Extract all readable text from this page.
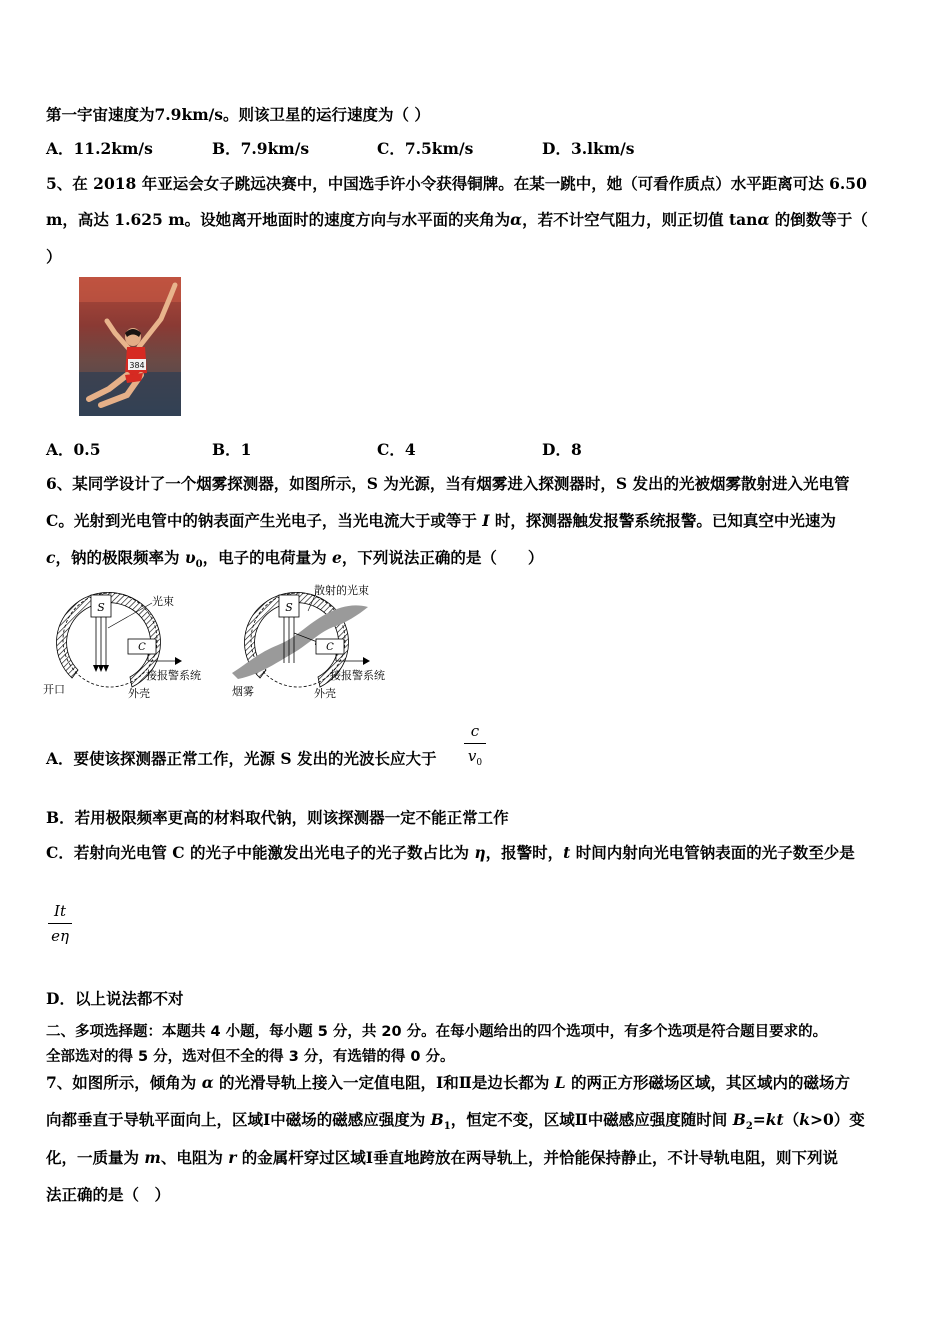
第一宇宙速度为7.9km/s。则该卫星的运行速度为（ ）
A．11.2km/s	B．7.9km/s	C．7.5km/s	D．3.lkm/s
5、在 2018 年亚运会女子跳远决赛中，中国选手许小令获得铜牌。在某一跳中，她（可看作质点）水平距离可达 6.50
m，高达 1.625 m。设她离开地面时的速度方向与水平面的夹角为α，若不计空气阻力，则正切值 tanα 的倒数等于（
）
384
A．0.5	B．1	C．4	D．8
6、某同学设计了一个烟雾探测器，如图所示，S 为光源，当有烟雾进入探测器时，S 发出的光被烟雾散射进入光电管
C。光射到光电管中的钠表面产生光电子，当光电流大于或等于 I 时，探测器触发报警系统报警。已知真空中光速为
c，钠的极限频率为 $\upsilon_0$，电子的电荷量为 e，下列说法正确的是（　　）
S	光束
C
接报警系统
开口	外壳
S
散射的光束
C
接报警系统
烟雾	外壳
A．要使该探测器正常工作，光源 S 发出的光波长应大于
c
$v_0$
B．若用极限频率更高的材料取代钠，则该探测器一定不能正常工作
C．若射向光电管 C 的光子中能激发出光电子的光子数占比为 η，报警时，t 时间内射向光电管钠表面的光子数至少是
It
eη
D．以上说法都不对
二、多项选择题：本题共 4 小题，每小题 5 分，共 20 分。在每小题给出的四个选项中，有多个选项是符合题目要求的。
全部选对的得 5 分，选对但不全的得 3 分，有选错的得 0 分。
7、如图所示，倾角为 α 的光滑导轨上接入一定值电阻，Ⅰ和Ⅱ是边长都为 L 的两正方形磁场区域，其区域内的磁场方
向都垂直于导轨平面向上，区域Ⅰ中磁场的磁感应强度为 $B_1$，恒定不变，区域Ⅱ中磁感应强度随时间 $B_2=kt(k>0)$变
化，一质量为 m、电阻为 r 的金属杆穿过区域Ⅰ垂直地跨放在两导轨上，并恰能保持静止，不计导轨电阻，则下列说
法正确的是（　）
